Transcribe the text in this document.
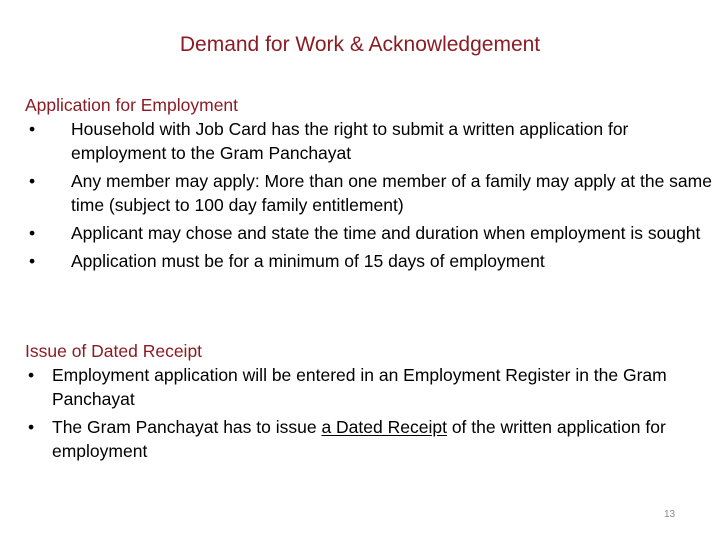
Demand for Work & Acknowledgement
Application for Employment
• Household with Job Card has the right to submit a written application for employment to the Gram Panchayat
• Any member may apply: More than one member of a family may apply at the same time (subject to 100 day family entitlement)
• Applicant may chose and state the time and duration when employment is sought
• Application must be for a minimum of 15 days of employment
Issue of Dated Receipt
• Employment application will be entered in an Employment Register in the Gram Panchayat
• The Gram Panchayat has to issue a Dated Receipt of the written application for employment
13
